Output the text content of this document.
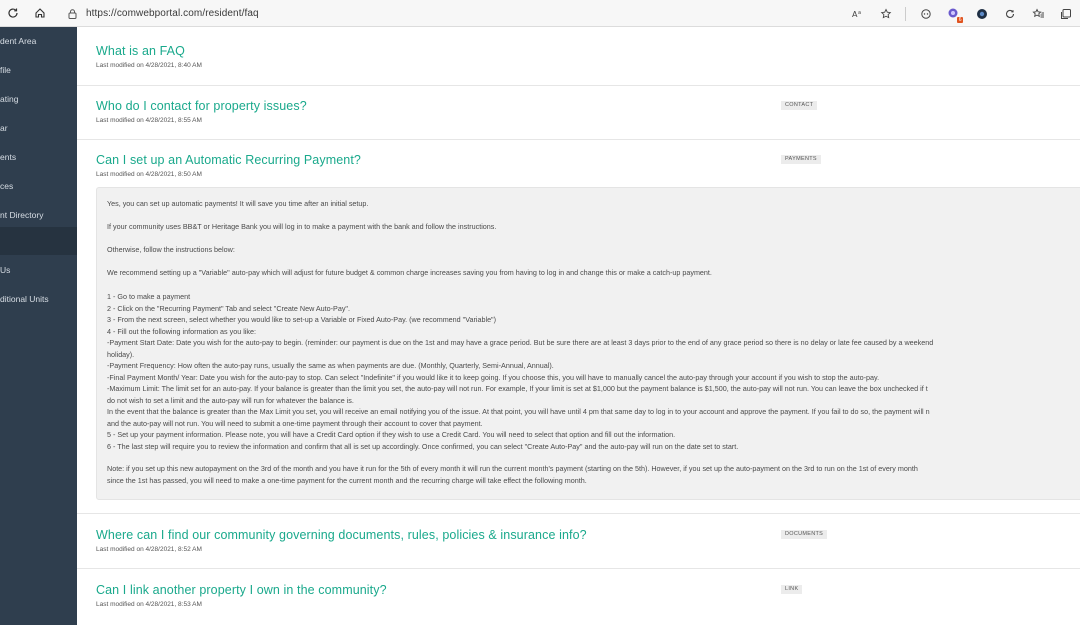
https://comwebportal.com/resident/faq	A a
6
dent Area
file
ating
ar
ents
ces
nt Directory
Us
ditional Units
What is an FAQ
Last modified on 4/28/2021, 8:40 AM
Who do I contact for property issues?
Last modified on 4/28/2021, 8:55 AM
CONTACT
Can I set up an Automatic Recurring Payment?
Last modified on 4/28/2021, 8:50 AM
PAYMENTS
Yes, you can set up automatic payments! It will save you time after an initial setup.
If your community uses BB&T or Heritage Bank you will log in to make a payment with the bank and follow the instructions.
Otherwise, follow the instructions below:
We recommend setting up a "Variable" auto-pay which will adjust for future budget & common charge increases saving you from having to log in and change this or make a catch-up payment.
1 - Go to make a payment
2 - Click on the "Recurring Payment" Tab and select "Create New Auto-Pay".
3 - From the next screen, select whether you would like to set-up a Variable or Fixed Auto-Pay. (we recommend "Variable")
4 - Fill out the following information as you like:
-Payment Start Date: Date you wish for the auto-pay to begin. (reminder: our payment is due on the 1st and may have a grace period. But be sure there are at least 3 days prior to the end of any grace period so there is no delay or late fee caused by a weekend
holiday).
-Payment Frequency: How often the auto-pay runs, usually the same as when payments are due. (Monthly, Quarterly, Semi-Annual, Annual).
-Final Payment Month/ Year: Date you wish for the auto-pay to stop. Can select "Indefinite" if you would like it to keep going. If you choose this, you will have to manually cancel the auto-pay through your account if you wish to stop the auto-pay.
-Maximum Limit: The limit set for an auto-pay. If your balance is greater than the limit you set, the auto-pay will not run. For example, If your limit is set at $1,000 but the payment balance is $1,500, the auto-pay will not run. You can leave the box unchecked if t
do not wish to set a limit and the auto-pay will run for whatever the balance is.
In the event that the balance is greater than the Max Limit you set, you will receive an email notifying you of the issue. At that point, you will have until 4 pm that same day to log in to your account and approve the payment. If you fail to do so, the payment will n
and the auto-pay will not run. You will need to submit a one-time payment through their account to cover that payment.
5 - Set up your payment information. Please note, you will have a Credit Card option if they wish to use a Credit Card. You will need to select that option and fill out the information.
6 - The last step will require you to review the information and confirm that all is set up accordingly. Once confirmed, you can select "Create Auto-Pay" and the auto-pay will run on the date set to start.
Note: if you set up this new autopayment on the 3rd of the month and you have it run for the 5th of every month it will run the current month's payment (starting on the 5th). However, if you set up the auto-payment on the 3rd to run on the 1st of every month
since the 1st has passed, you will need to make a one-time payment for the current month and the recurring charge will take effect the following month.
Where can I find our community governing documents, rules, policies & insurance info?
Last modified on 4/28/2021, 8:52 AM
DOCUMENTS
Can I link another property I own in the community?
Last modified on 4/28/2021, 8:53 AM
LINK
